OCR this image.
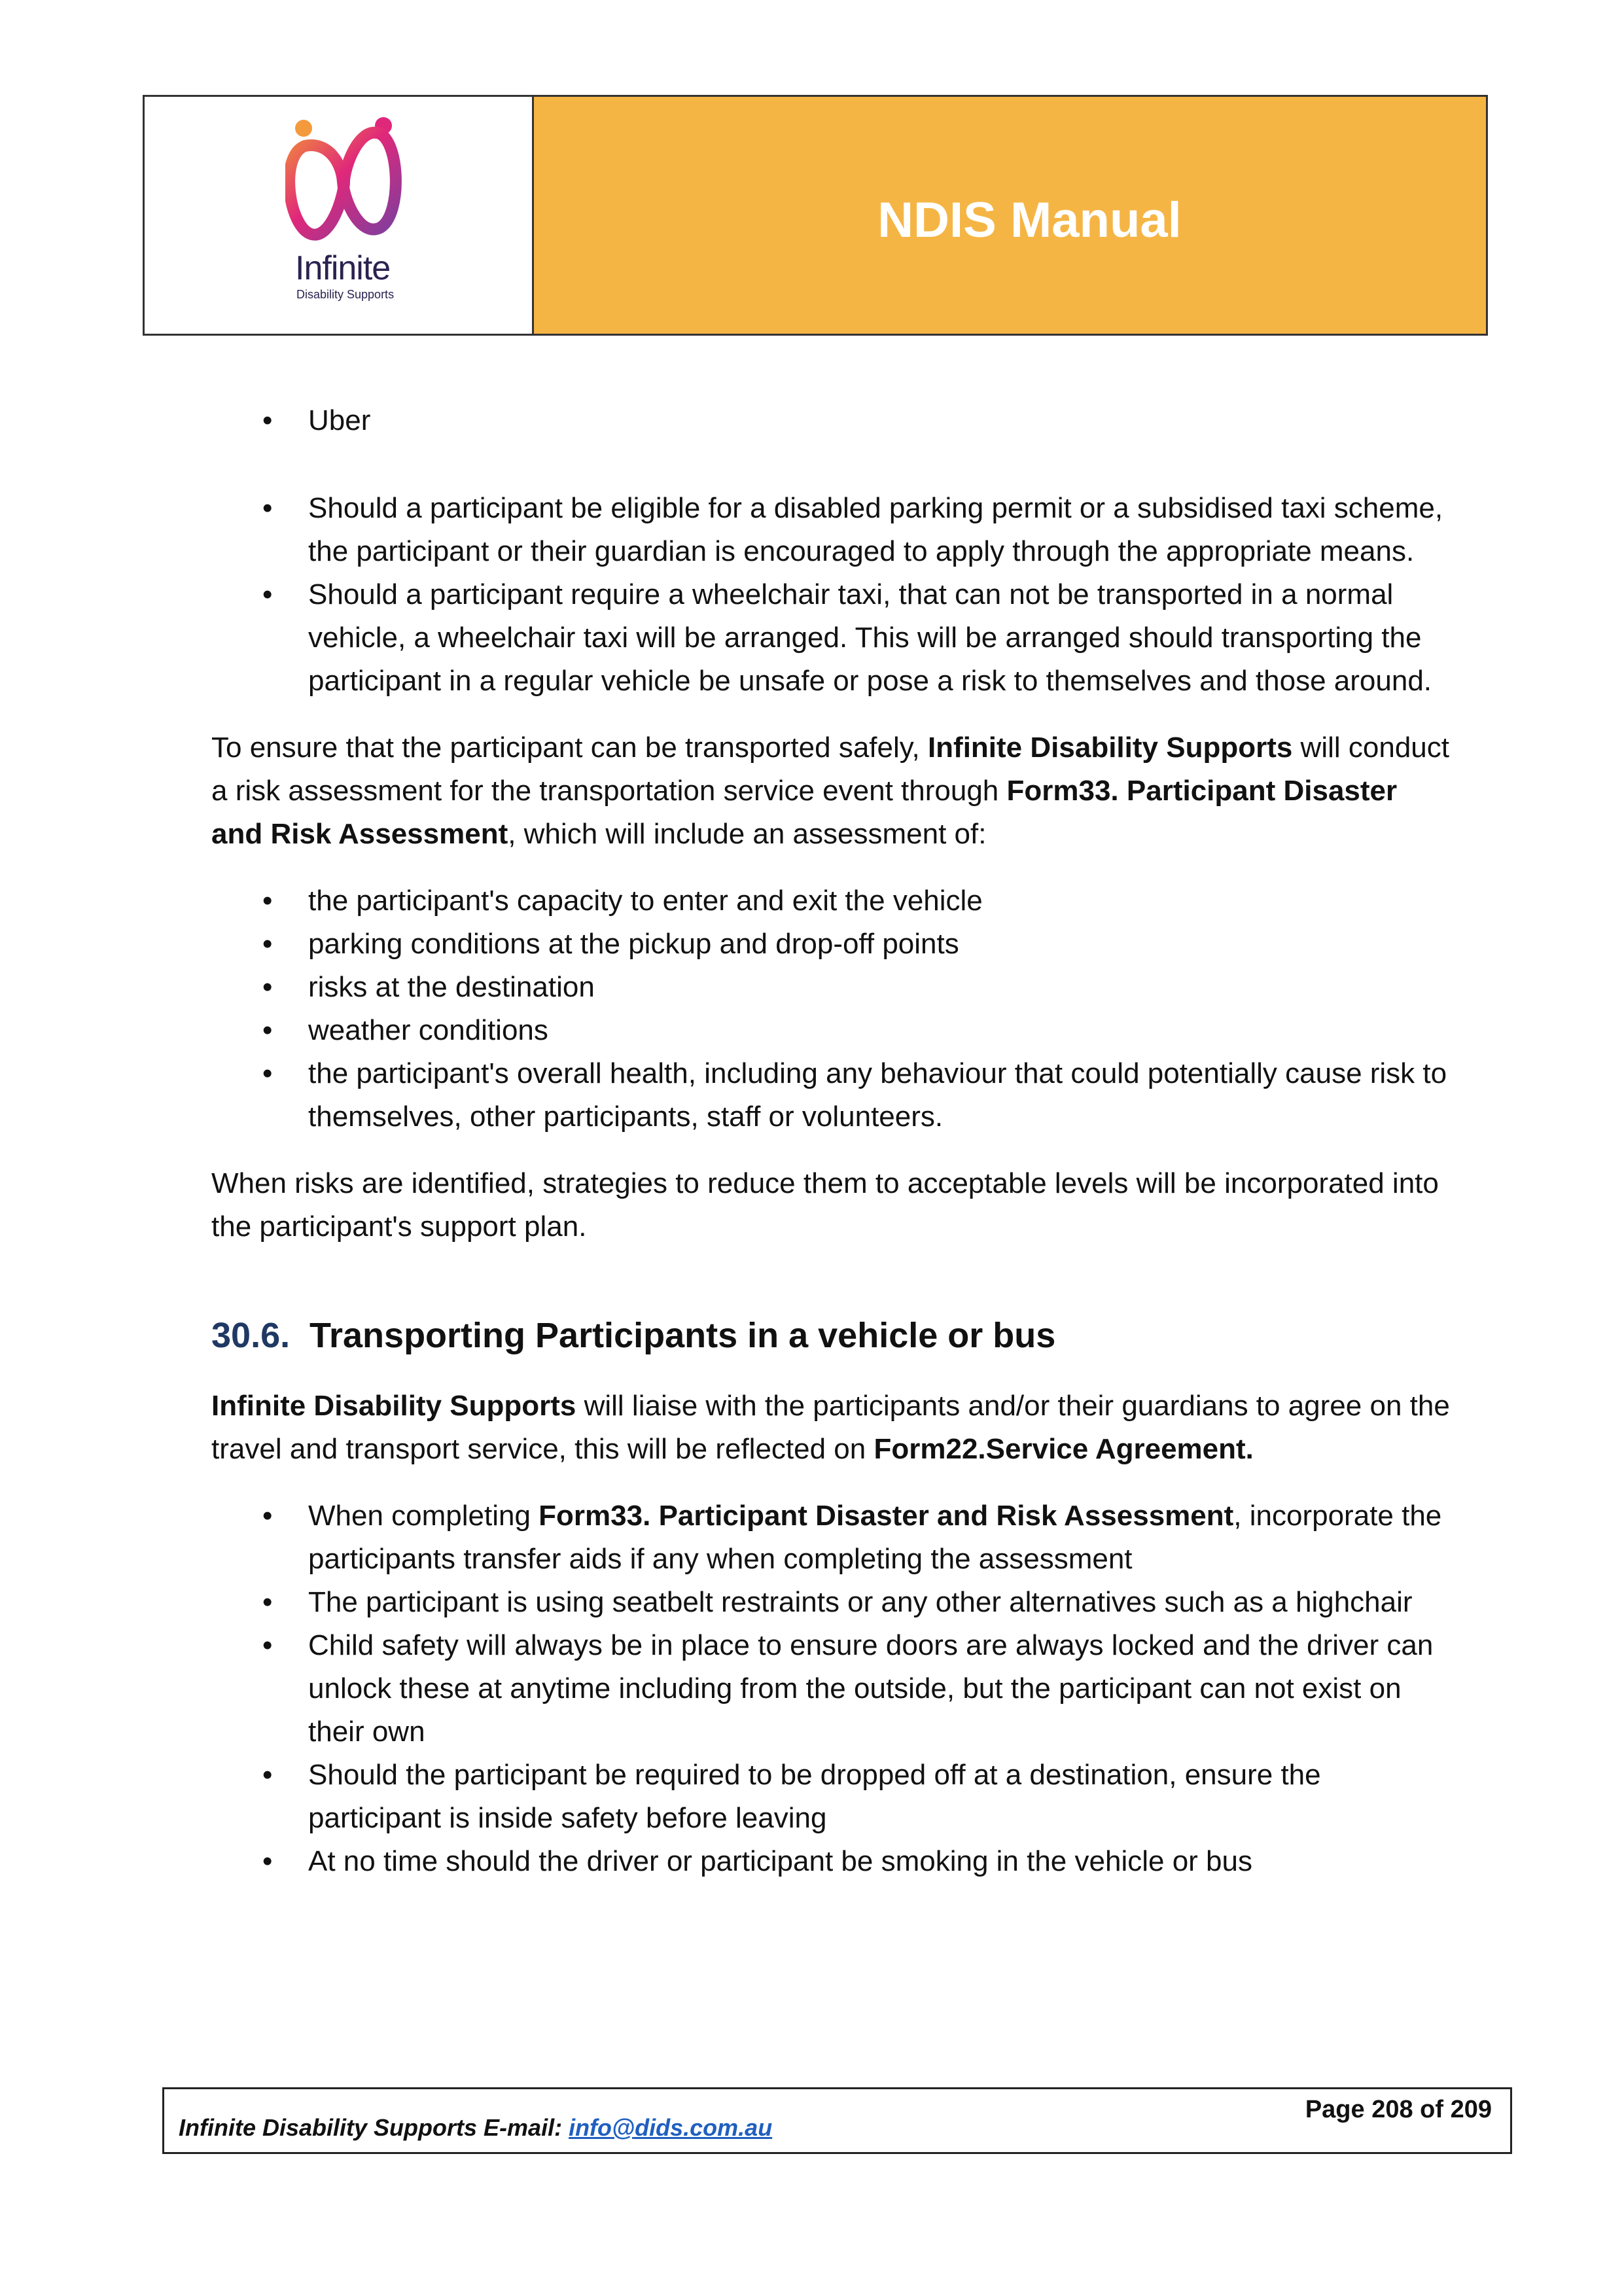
Infinite
Disability Supports
NDIS Manual
• Uber
• Should a participant be eligible for a disabled parking permit or a subsidised taxi scheme, the participant or their guardian is encouraged to apply through the appropriate means.
• Should a participant require a wheelchair taxi, that can not be transported in a normal vehicle, a wheelchair taxi will be arranged. This will be arranged should transporting the participant in a regular vehicle be unsafe or pose a risk to themselves and those around.

To ensure that the participant can be transported safely, Infinite Disability Supports will conduct a risk assessment for the transportation service event through Form33. Participant Disaster and Risk Assessment, which will include an assessment of:

• the participant's capacity to enter and exit the vehicle
• parking conditions at the pickup and drop-off points
• risks at the destination
• weather conditions
• the participant's overall health, including any behaviour that could potentially cause risk to themselves, other participants, staff or volunteers.

When risks are identified, strategies to reduce them to acceptable levels will be incorporated into the participant's support plan.

30.6. Transporting Participants in a vehicle or bus

Infinite Disability Supports will liaise with the participants and/or their guardians to agree on the travel and transport service, this will be reflected on Form22.Service Agreement.

• When completing Form33. Participant Disaster and Risk Assessment, incorporate the participants transfer aids if any when completing the assessment
• The participant is using seatbelt restraints or any other alternatives such as a highchair
• Child safety will always be in place to ensure doors are always locked and the driver can unlock these at anytime including from the outside, but the participant can not exist on their own
• Should the participant be required to be dropped off at a destination, ensure the participant is inside safety before leaving
• At no time should the driver or participant be smoking in the vehicle or bus
Infinite Disability Supports E-mail: info@dids.com.au
Page 208 of 209
